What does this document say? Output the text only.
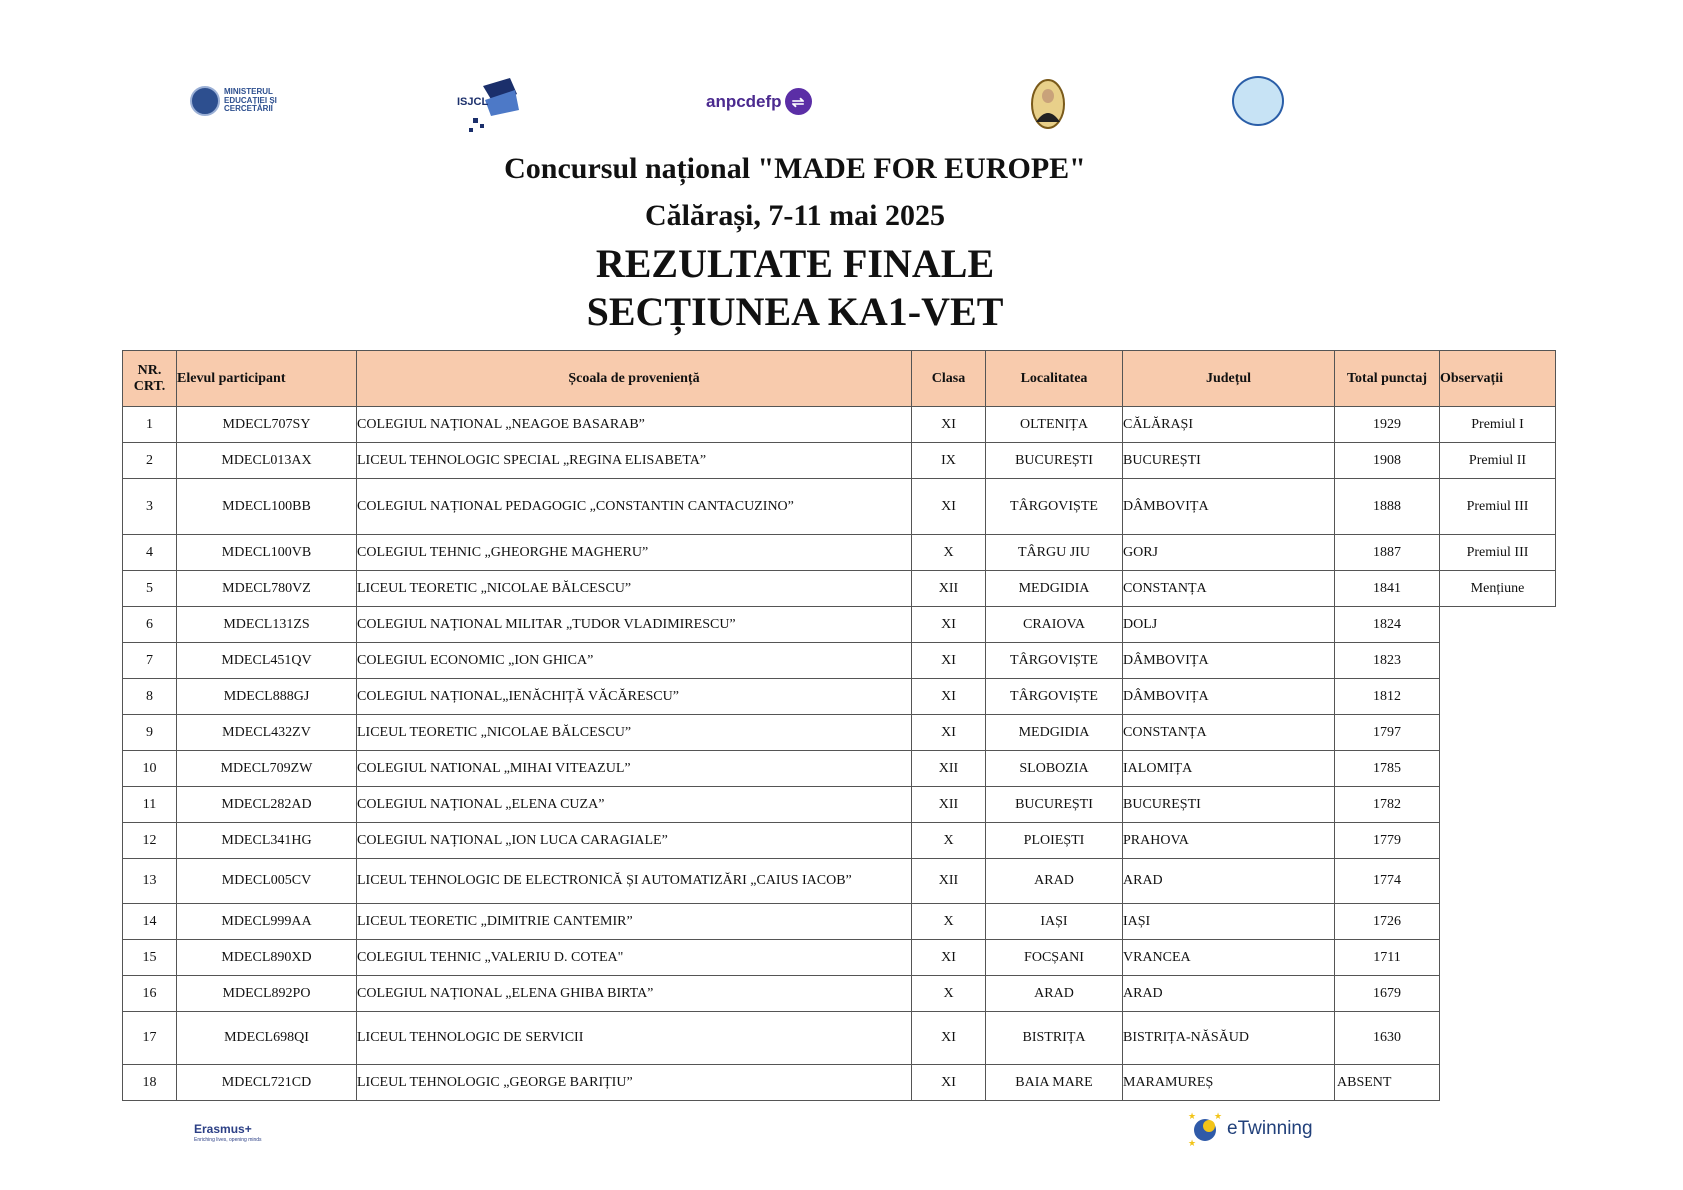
MINISTERUL EDUCAȚIEI ȘI CERCETĂRII
ISJCL	anpcdefp ⇌

Concursul național "MADE FOR EUROPE"
Călărași, 7-11 mai 2025
REZULTATE FINALE
SECȚIUNEA KA1-VET
NR. CRT.	Elevul participant	Școala de proveniență	Clasa	Localitatea	Județul	Total punctaj	Observații
1	MDECL707SY	COLEGIUL NAȚIONAL „NEAGOE BASARAB”	XI	OLTENIȚA	CĂLĂRAȘI	1929	Premiul I
2	MDECL013AX	LICEUL TEHNOLOGIC SPECIAL „REGINA ELISABETA”	IX	BUCUREȘTI	BUCUREȘTI	1908	Premiul II
3	MDECL100BB	COLEGIUL NAȚIONAL PEDAGOGIC „CONSTANTIN CANTACUZINO”	XI	TÂRGOVIȘTE	DÂMBOVIȚA	1888	Premiul III
4	MDECL100VB	COLEGIUL TEHNIC „GHEORGHE MAGHERU”	X	TÂRGU JIU	GORJ	1887	Premiul III
5	MDECL780VZ	LICEUL TEORETIC „NICOLAE BĂLCESCU”	XII	MEDGIDIA	CONSTANȚA	1841	Mențiune
6	MDECL131ZS	COLEGIUL NAȚIONAL MILITAR „TUDOR VLADIMIRESCU”	XI	CRAIOVA	DOLJ	1824	
7	MDECL451QV	COLEGIUL ECONOMIC „ION GHICA”	XI	TÂRGOVIȘTE	DÂMBOVIȚA	1823	
8	MDECL888GJ	COLEGIUL NAȚIONAL„IENĂCHIȚĂ VĂCĂRESCU”	XI	TÂRGOVIȘTE	DÂMBOVIȚA	1812	
9	MDECL432ZV	LICEUL TEORETIC „NICOLAE BĂLCESCU”	XI	MEDGIDIA	CONSTANȚA	1797	
10	MDECL709ZW	COLEGIUL NATIONAL „MIHAI VITEAZUL”	XII	SLOBOZIA	IALOMIȚA	1785	
11	MDECL282AD	COLEGIUL NAȚIONAL „ELENA CUZA”	XII	BUCUREȘTI	BUCUREȘTI	1782	
12	MDECL341HG	COLEGIUL NAȚIONAL „ION LUCA CARAGIALE”	X	PLOIEȘTI	PRAHOVA	1779	
13	MDECL005CV	LICEUL TEHNOLOGIC DE ELECTRONICĂ ȘI AUTOMATIZĂRI „CAIUS IACOB”	XII	ARAD	ARAD	1774	
14	MDECL999AA	LICEUL TEORETIC „DIMITRIE CANTEMIR”	X	IAȘI	IAȘI	1726	
15	MDECL890XD	COLEGIUL TEHNIC „VALERIU D. COTEA"	XI	FOCȘANI	VRANCEA	1711	
16	MDECL892PO	COLEGIUL NAȚIONAL „ELENA GHIBA BIRTA”	X	ARAD	ARAD	1679	
17	MDECL698QI	LICEUL TEHNOLOGIC DE SERVICII	XI	BISTRIȚA	BISTRIȚA-NĂSĂUD	1630	
18	MDECL721CD	LICEUL TEHNOLOGIC „GEORGE BARIȚIU”	XI	BAIA MARE	MARAMUREȘ	ABSENT	
Erasmus+
Enriching lives, opening minds
★ ★
★
eTwinning
